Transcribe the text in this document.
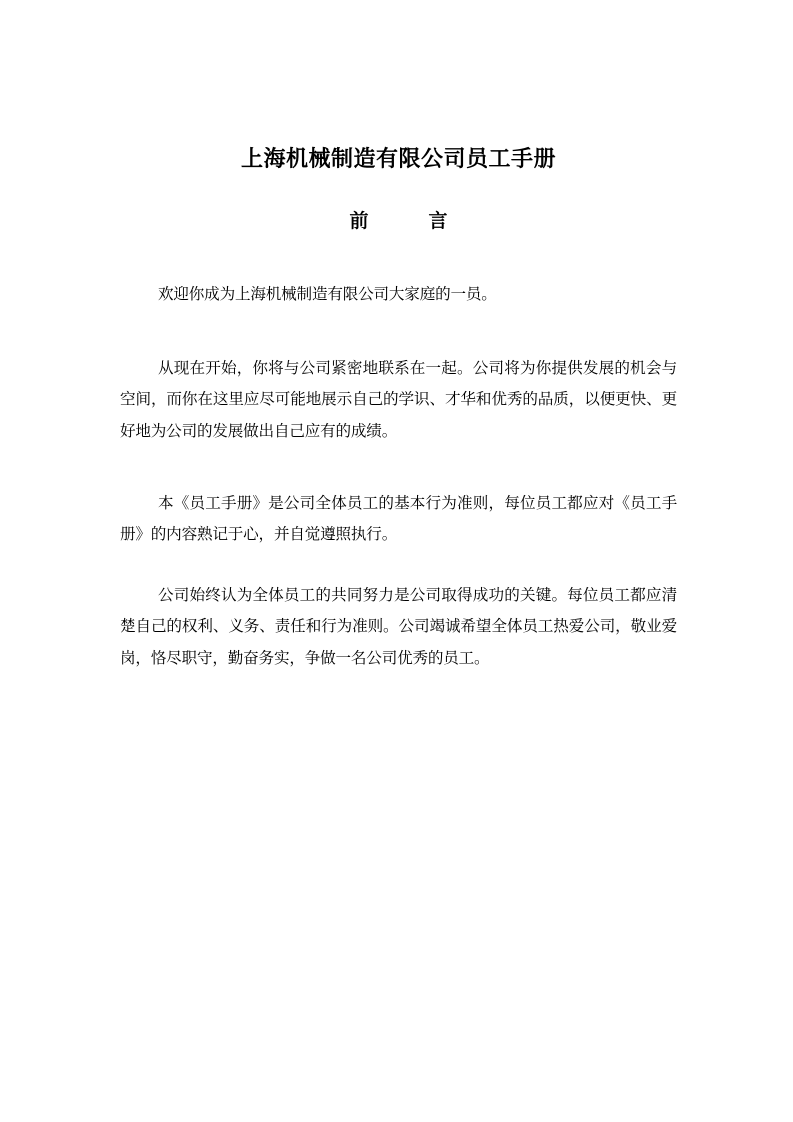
上海机械制造有限公司员工手册
前言

欢迎你成为上海机械制造有限公司大家庭的一员。

从现在开始，你将与公司紧密地联系在一起。公司将为你提供发展的机会与空间，而你在这里应尽可能地展示自己的学识、才华和优秀的品质，以便更快、更好地为公司的发展做出自己应有的成绩。

本《员工手册》是公司全体员工的基本行为准则，每位员工都应对《员工手册》的内容熟记于心，并自觉遵照执行。

公司始终认为全体员工的共同努力是公司取得成功的关键。每位员工都应清楚自己的权利、义务、责任和行为准则。公司竭诚希望全体员工热爱公司，敬业爱岗，恪尽职守，勤奋务实，争做一名公司优秀的员工。
